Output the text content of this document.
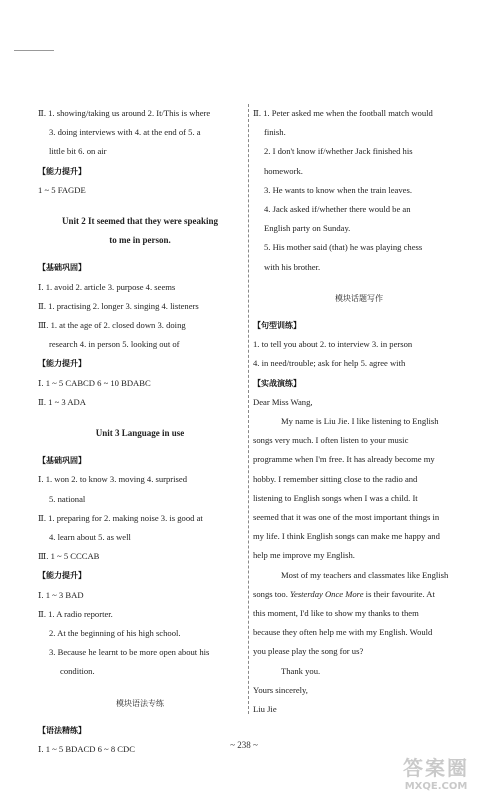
Ⅱ. 1. showing/taking us around 2. It/This is where
3. doing interviews with 4. at the end of 5. a
little bit 6. on air
【能力提升】
1 ~ 5 FAGDE
Unit 2 It seemed that they were speaking
to me in person.
【基础巩固】
Ⅰ. 1. avoid 2. article 3. purpose 4. seems
Ⅱ. 1. practising 2. longer 3. singing 4. listeners
Ⅲ. 1. at the age of 2. closed down 3. doing
research 4. in person 5. looking out of
【能力提升】
Ⅰ. 1 ~ 5 CABCD 6 ~ 10 BDABC
Ⅱ. 1 ~ 3 ADA
Unit 3 Language in use
【基础巩固】
Ⅰ. 1. won 2. to know 3. moving 4. surprised
5. national
Ⅱ. 1. preparing for 2. making noise 3. is good at
4. learn about 5. as well
Ⅲ. 1 ~ 5 CCCAB
【能力提升】
Ⅰ. 1 ~ 3 BAD
Ⅱ. 1. A radio reporter.
2. At the beginning of his high school.
3. Because he learnt to be more open about his
condition.
模块语法专练
【语法精练】
Ⅰ. 1 ~ 5 BDACD 6 ~ 8 CDC
Ⅱ. 1. Peter asked me when the football match would
finish.
2. I don't know if/whether Jack finished his
homework.
3. He wants to know when the train leaves.
4. Jack asked if/whether there would be an
English party on Sunday.
5. His mother said (that) he was playing chess
with his brother.
模块话题写作
【句型训练】
1. to tell you about 2. to interview 3. in person
4. in need/trouble; ask for help 5. agree with
【实战演练】
Dear Miss Wang,
My name is Liu Jie. I like listening to English
songs very much. I often listen to your music
programme when I'm free. It has already become my
hobby. I remember sitting close to the radio and
listening to English songs when I was a child. It
seemed that it was one of the most important things in
my life. I think English songs can make me happy and
help me improve my English.
Most of my teachers and classmates like English
songs too. Yesterday Once More is their favourite. At
this moment, I'd like to show my thanks to them
because they often help me with my English. Would
you please play the song for us?
Thank you.
Yours sincerely,
Liu Jie
~ 238 ~
答案圈
MXQE.COM
